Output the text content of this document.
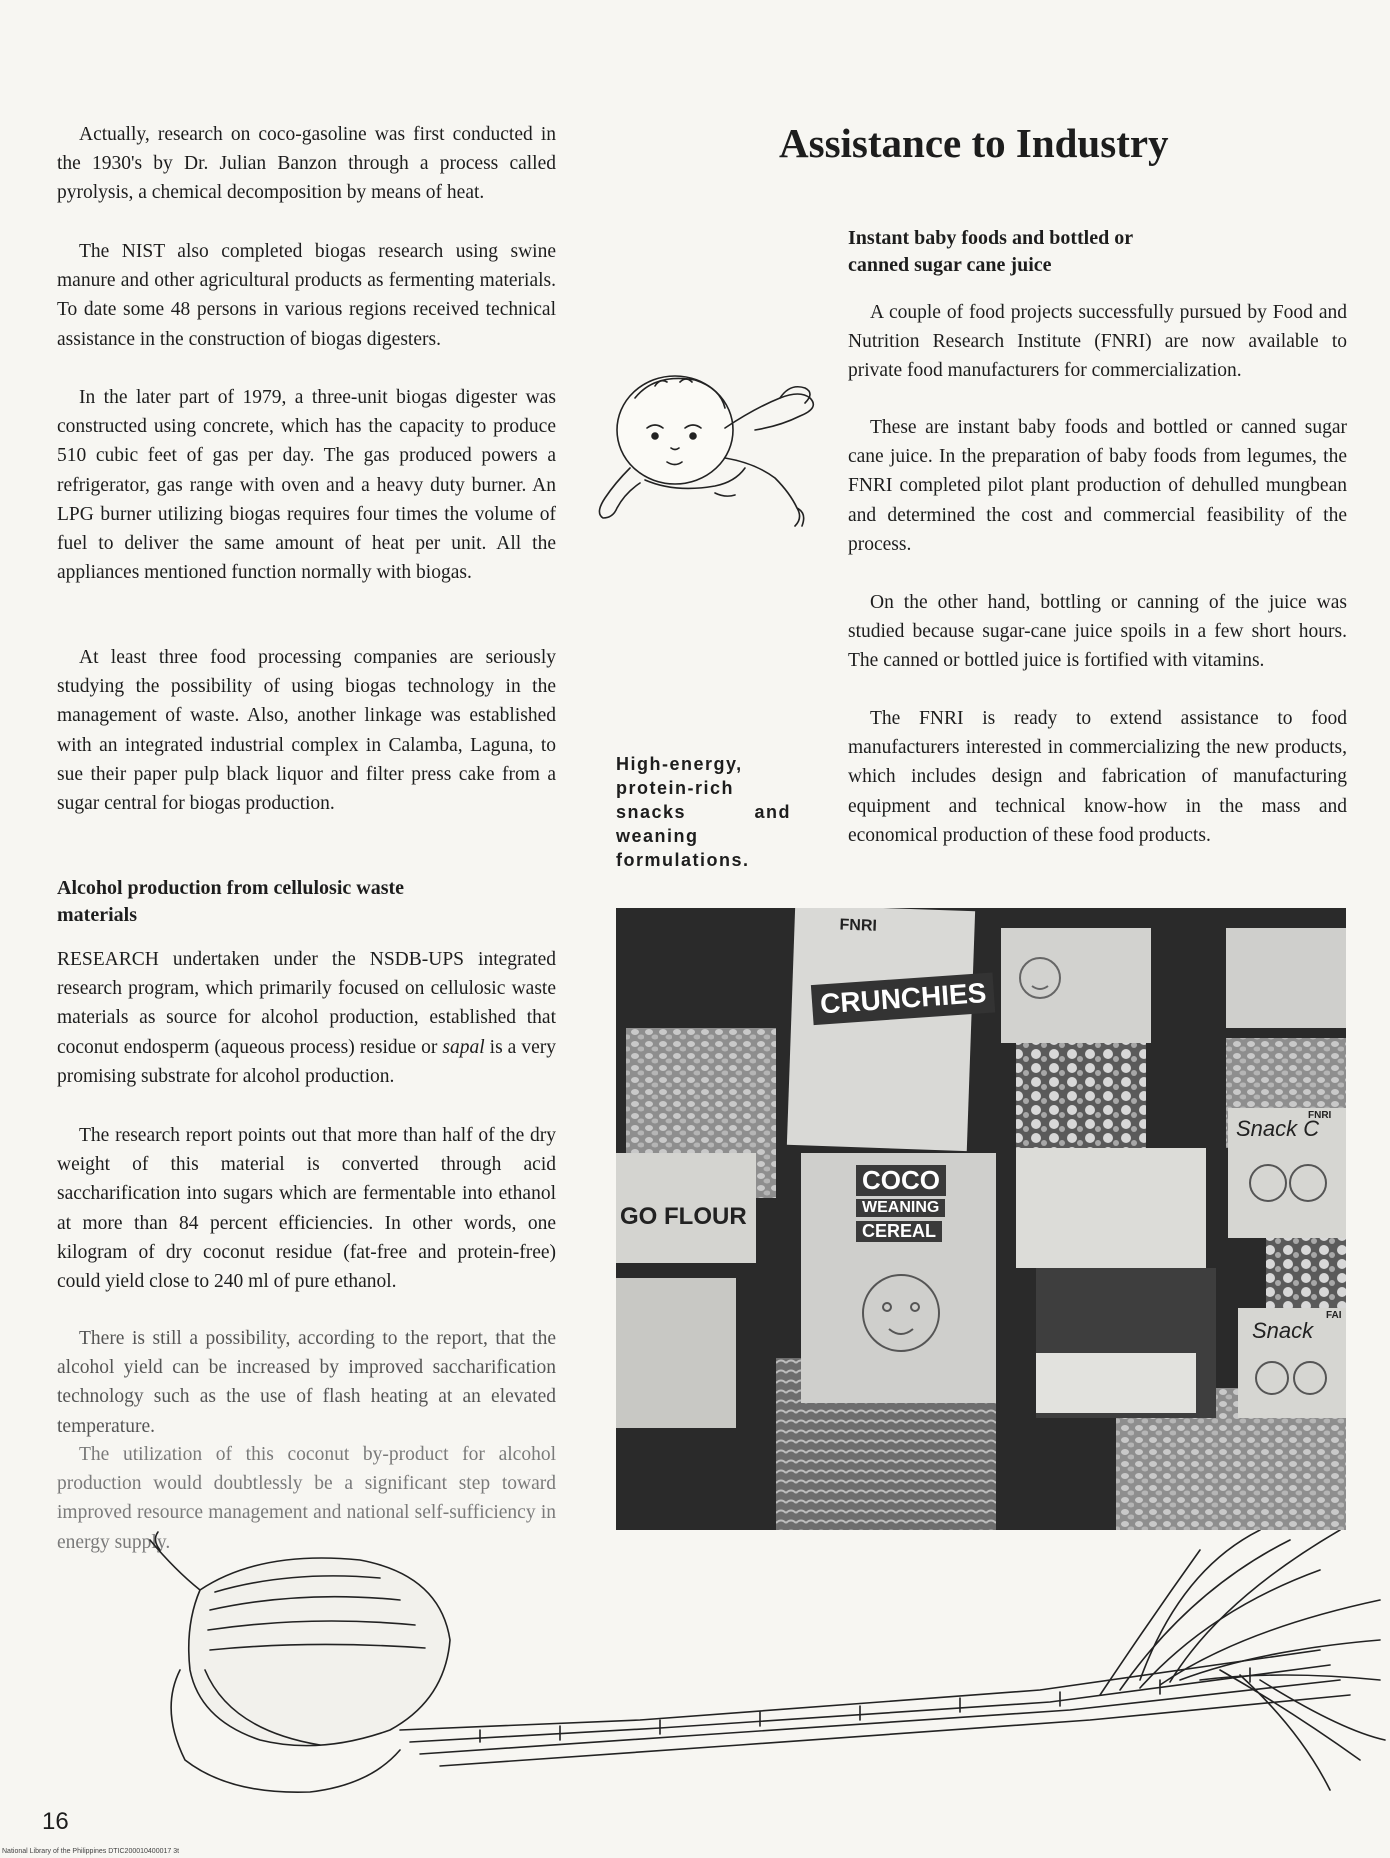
Actually, research on coco-gasoline was first conducted in the 1930's by Dr. Julian Banzon through a process called pyrolysis, a chemical decomposition by means of heat.

The NIST also completed biogas research using swine manure and other agricultural products as fermenting materials. To date some 48 persons in various regions received technical assistance in the construction of biogas digesters.

In the later part of 1979, a three-unit biogas digester was constructed using concrete, which has the capacity to produce 510 cubic feet of gas per day. The gas produced powers a refrigerator, gas range with oven and a heavy duty burner. An LPG burner utilizing biogas requires four times the volume of fuel to deliver the same amount of heat per unit. All the appliances mentioned function normally with biogas.

At least three food processing companies are seriously studying the possibility of using biogas technology in the management of waste. Also, another linkage was established with an integrated industrial complex in Calamba, Laguna, to sue their paper pulp black liquor and filter press cake from a sugar central for biogas production.

Alcohol production from cellulosic waste materials

RESEARCH undertaken under the NSDB-UPS integrated research program, which primarily focused on cellulosic waste materials as source for alcohol production, established that coconut endosperm (aqueous process) residue or sapal is a very promising substrate for alcohol production.

The research report points out that more than half of the dry weight of this material is converted through acid saccharification into sugars which are fermentable into ethanol at more than 84 percent efficiencies. In other words, one kilogram of dry coconut residue (fat-free and protein-free) could yield close to 240 ml of pure ethanol.

There is still a possibility, according to the report, that the alcohol yield can be increased by improved saccharification technology such as the use of flash heating at an elevated temperature.

The utilization of this coconut by-product for alcohol production would doubtlessly be a significant step toward improved resource management and national self-sufficiency in energy supply.

Assistance to Industry
Instant baby foods and bottled or canned sugar cane juice

A couple of food projects successfully pursued by Food and Nutrition Research Institute (FNRI) are now available to private food manufacturers for commercialization.

These are instant baby foods and bottled or canned sugar cane juice. In the preparation of baby foods from legumes, the FNRI completed pilot plant production of dehulled mungbean and determined the cost and commercial feasibility of the process.

On the other hand, bottling or canning of the juice was studied because sugar-cane juice spoils in a few short hours. The canned or bottled juice is fortified with vitamins.

The FNRI is ready to extend assistance to food manufacturers interested in commercializing the new products, which includes design and fabrication of manufacturing equipment and technical know-how in the mass and economical production of these food products.

High-energy, protein-rich snacks and weaning formulations.

FNRI
CRUNCHIES
COCO
WEANING
CEREAL
GO FLOUR
FNRI
Snack C
FAI
Snack

16

National Library of the Philippines DTIC200010400017 3t
